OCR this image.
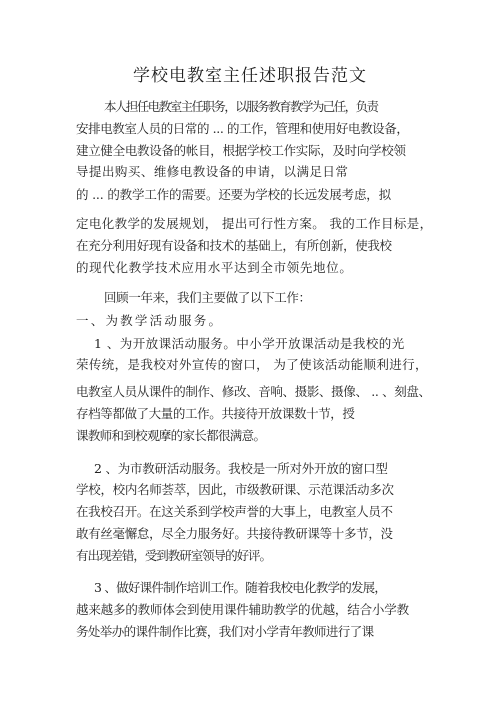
学校电教室主任述职报告范文
本人担任电教室主任职务，以服务教育教学为己任，负责
安排电教室人员的日常的 ... 的工作，管理和使用好电教设备，
建立健全电教设备的帐目，根据学校工作实际，及时向学校领
导提出购买、维修电教设备的申请，以满足日常
的 ... 的教学工作的需要。还要为学校的长远发展考虑，拟
定电化教学的发展规划， 提出可行性方案。 我的工作目标是，
在充分利用好现有设备和技术的基础上，有所创新，使我校
的现代化教学技术应用水平达到全市领先地位。
回顾一年来，我们主要做了以下工作：
一、为教学活动服务。
1 、为开放课活动服务。中小学开放课活动是我校的光
荣传统，是我校对外宣传的窗口， 为了使该活动能顺利进行，
电教室人员从课件的制作、修改、音响、摄影、摄像、 .. 、刻盘、
存档等都做了大量的工作。共接待开放课数十节，授
课教师和到校观摩的家长都很满意。
2 、为市教研活动服务。我校是一所对外开放的窗口型
学校，校内名师荟萃，因此，市级教研课、示范课活动多次
在我校召开。在这关系到学校声誉的大事上，电教室人员不
敢有丝毫懈怠，尽全力服务好。共接待教研课等十多节，没
有出现差错，受到教研室领导的好评。
3 、做好课件制作培训工作。随着我校电化教学的发展，
越来越多的教师体会到使用课件辅助教学的优越，结合小学教
务处举办的课件制作比赛，我们对小学青年教师进行了课
